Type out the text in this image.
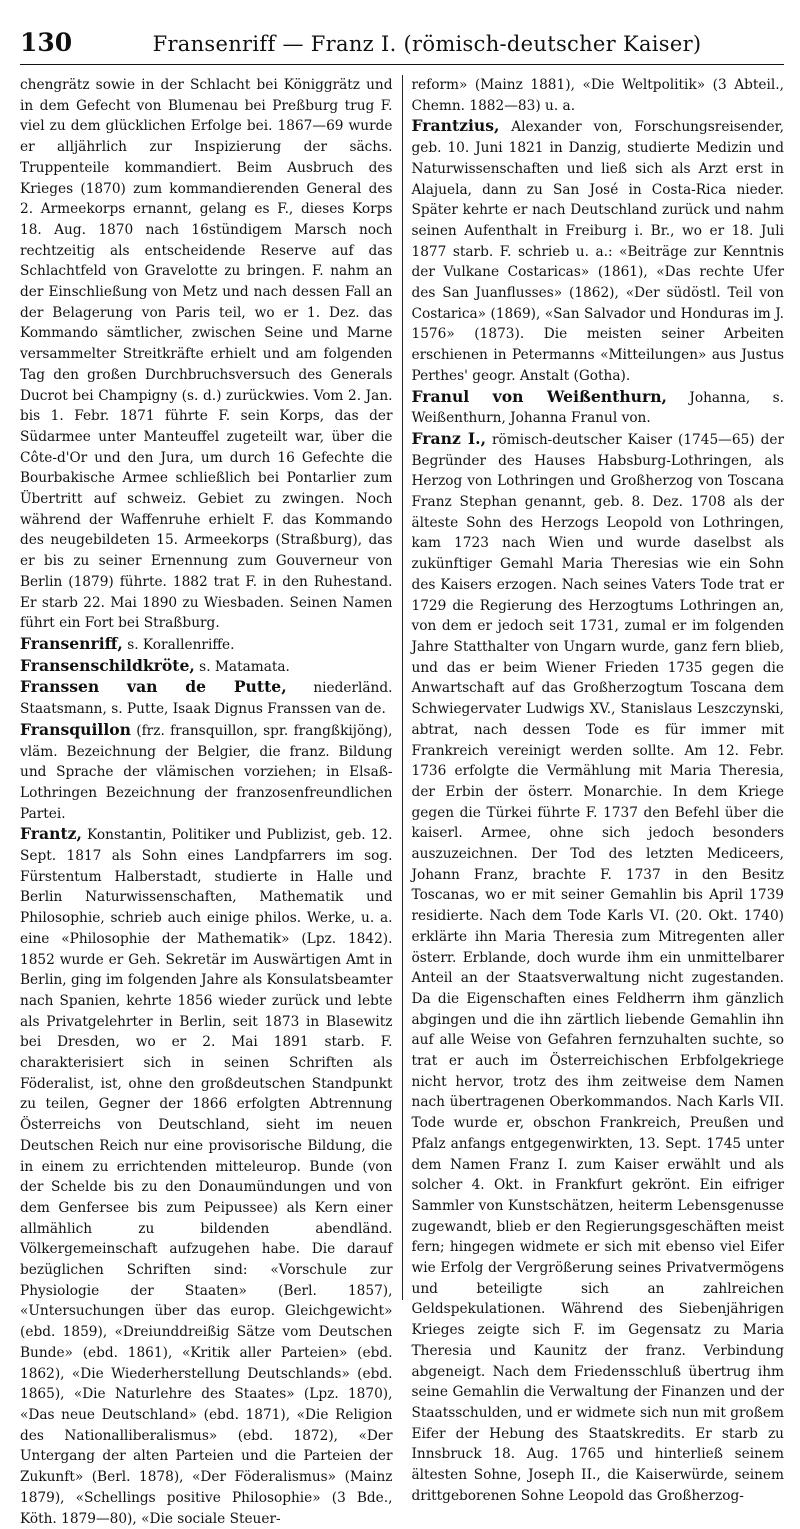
130	Fransenriff — Franz I. (römisch-deutscher Kaiser)

chengrätz sowie in der Schlacht bei Königgrätz und in dem Gefecht von Blumenau bei Preßburg trug F. viel zu dem glücklichen Erfolge bei. 1867—69 wurde er alljährlich zur Inspizierung der sächs. Truppenteile kommandiert. Beim Ausbruch des Krieges (1870) zum kommandierenden General des 2. Armeekorps ernannt, gelang es F., dieses Korps 18. Aug. 1870 nach 16stündigem Marsch noch rechtzeitig als entscheidende Reserve auf das Schlachtfeld von Gravelotte zu bringen. F. nahm an der Einschließung von Metz und nach dessen Fall an der Belagerung von Paris teil, wo er 1. Dez. das Kommando sämtlicher, zwischen Seine und Marne versammelter Streitkräfte erhielt und am folgenden Tag den großen Durchbruchsversuch des Generals Ducrot bei Champigny (s. d.) zurückwies. Vom 2. Jan. bis 1. Febr. 1871 führte F. sein Korps, das der Südarmee unter Manteuffel zugeteilt war, über die Côte-d'Or und den Jura, um durch 16 Gefechte die Bourbakische Armee schließlich bei Pontarlier zum Übertritt auf schweiz. Gebiet zu zwingen. Noch während der Waffenruhe erhielt F. das Kommando des neugebildeten 15. Armeekorps (Straßburg), das er bis zu seiner Ernennung zum Gouverneur von Berlin (1879) führte. 1882 trat F. in den Ruhestand. Er starb 22. Mai 1890 zu Wiesbaden. Seinen Namen führt ein Fort bei Straßburg.

Fransenriff, s. Korallenriffe.

Fransenschildkröte, s. Matamata.

Franssen van de Putte, niederländ. Staatsmann, s. Putte, Isaak Dignus Franssen van de.

Fransquillon (frz. fransquillon, spr. frangßkijöng), vläm. Bezeichnung der Belgier, die franz. Bildung und Sprache der vlämischen vorziehen; in Elsaß-Lothringen Bezeichnung der franzosenfreundlichen Partei.

Frantz, Konstantin, Politiker und Publizist, geb. 12. Sept. 1817 als Sohn eines Landpfarrers im sog. Fürstentum Halberstadt, studierte in Halle und Berlin Naturwissenschaften, Mathematik und Philosophie, schrieb auch einige philos. Werke, u. a. eine «Philosophie der Mathematik» (Lpz. 1842). 1852 wurde er Geh. Sekretär im Auswärtigen Amt in Berlin, ging im folgenden Jahre als Konsulatsbeamter nach Spanien, kehrte 1856 wieder zurück und lebte als Privatgelehrter in Berlin, seit 1873 in Blasewitz bei Dresden, wo er 2. Mai 1891 starb. F. charakterisiert sich in seinen Schriften als Föderalist, ist, ohne den großdeutschen Standpunkt zu teilen, Gegner der 1866 erfolgten Abtrennung Österreichs von Deutschland, sieht im neuen Deutschen Reich nur eine provisorische Bildung, die in einem zu errichtenden mitteleurop. Bunde (von der Schelde bis zu den Donaumündungen und von dem Genfersee bis zum Peipussee) als Kern einer allmählich zu bildenden abendländ. Völkergemeinschaft aufzugehen habe. Die darauf bezüglichen Schriften sind: «Vorschule zur Physiologie der Staaten» (Berl. 1857), «Untersuchungen über das europ. Gleichgewicht» (ebd. 1859), «Dreiunddreißig Sätze vom Deutschen Bunde» (ebd. 1861), «Kritik aller Parteien» (ebd. 1862), «Die Wiederherstellung Deutschlands» (ebd. 1865), «Die Naturlehre des Staates» (Lpz. 1870), «Das neue Deutschland» (ebd. 1871), «Die Religion des Nationalliberalismus» (ebd. 1872), «Der Untergang der alten Parteien und die Parteien der Zukunft» (Berl. 1878), «Der Föderalismus» (Mainz 1879), «Schellings positive Philosophie» (3 Bde., Köth. 1879—80), «Die sociale Steuer-

reform» (Mainz 1881), «Die Weltpolitik» (3 Abteil., Chemn. 1882—83) u. a.

Frantzius, Alexander von, Forschungsreisender, geb. 10. Juni 1821 in Danzig, studierte Medizin und Naturwissenschaften und ließ sich als Arzt erst in Alajuela, dann zu San José in Costa-Rica nieder. Später kehrte er nach Deutschland zurück und nahm seinen Aufenthalt in Freiburg i. Br., wo er 18. Juli 1877 starb. F. schrieb u. a.: «Beiträge zur Kenntnis der Vulkane Costaricas» (1861), «Das rechte Ufer des San Juanflusses» (1862), «Der südöstl. Teil von Costarica» (1869), «San Salvador und Honduras im J. 1576» (1873). Die meisten seiner Arbeiten erschienen in Petermanns «Mitteilungen» aus Justus Perthes' geogr. Anstalt (Gotha).

Franul von Weißenthurn, Johanna, s. Weißenthurn, Johanna Franul von.

Franz I., römisch-deutscher Kaiser (1745—65) der Begründer des Hauses Habsburg-Lothringen, als Herzog von Lothringen und Großherzog von Toscana Franz Stephan genannt, geb. 8. Dez. 1708 als der älteste Sohn des Herzogs Leopold von Lothringen, kam 1723 nach Wien und wurde daselbst als zukünftiger Gemahl Maria Theresias wie ein Sohn des Kaisers erzogen. Nach seines Vaters Tode trat er 1729 die Regierung des Herzogtums Lothringen an, von dem er jedoch seit 1731, zumal er im folgenden Jahre Statthalter von Ungarn wurde, ganz fern blieb, und das er beim Wiener Frieden 1735 gegen die Anwartschaft auf das Großherzogtum Toscana dem Schwiegervater Ludwigs XV., Stanislaus Leszczynski, abtrat, nach dessen Tode es für immer mit Frankreich vereinigt werden sollte. Am 12. Febr. 1736 erfolgte die Vermählung mit Maria Theresia, der Erbin der österr. Monarchie. In dem Kriege gegen die Türkei führte F. 1737 den Befehl über die kaiserl. Armee, ohne sich jedoch besonders auszuzeichnen. Der Tod des letzten Mediceers, Johann Franz, brachte F. 1737 in den Besitz Toscanas, wo er mit seiner Gemahlin bis April 1739 residierte. Nach dem Tode Karls VI. (20. Okt. 1740) erklärte ihn Maria Theresia zum Mitregenten aller österr. Erblande, doch wurde ihm ein unmittelbarer Anteil an der Staatsverwaltung nicht zugestanden. Da die Eigenschaften eines Feldherrn ihm gänzlich abgingen und die ihn zärtlich liebende Gemahlin ihn auf alle Weise von Gefahren fernzuhalten suchte, so trat er auch im Österreichischen Erbfolgekriege nicht hervor, trotz des ihm zeitweise dem Namen nach übertragenen Oberkommandos. Nach Karls VII. Tode wurde er, obschon Frankreich, Preußen und Pfalz anfangs entgegenwirkten, 13. Sept. 1745 unter dem Namen Franz I. zum Kaiser erwählt und als solcher 4. Okt. in Frankfurt gekrönt. Ein eifriger Sammler von Kunstschätzen, heiterm Lebensgenusse zugewandt, blieb er den Regierungsgeschäften meist fern; hingegen widmete er sich mit ebenso viel Eifer wie Erfolg der Vergrößerung seines Privatvermögens und beteiligte sich an zahlreichen Geldspekulationen. Während des Siebenjährigen Krieges zeigte sich F. im Gegensatz zu Maria Theresia und Kaunitz der franz. Verbindung abgeneigt. Nach dem Friedensschluß übertrug ihm seine Gemahlin die Verwaltung der Finanzen und der Staatsschulden, und er widmete sich nun mit großem Eifer der Hebung des Staatskredits. Er starb zu Innsbruck 18. Aug. 1765 und hinterließ seinem ältesten Sohne, Joseph II., die Kaiserwürde, seinem drittgeborenen Sohne Leopold das Großherzog-
